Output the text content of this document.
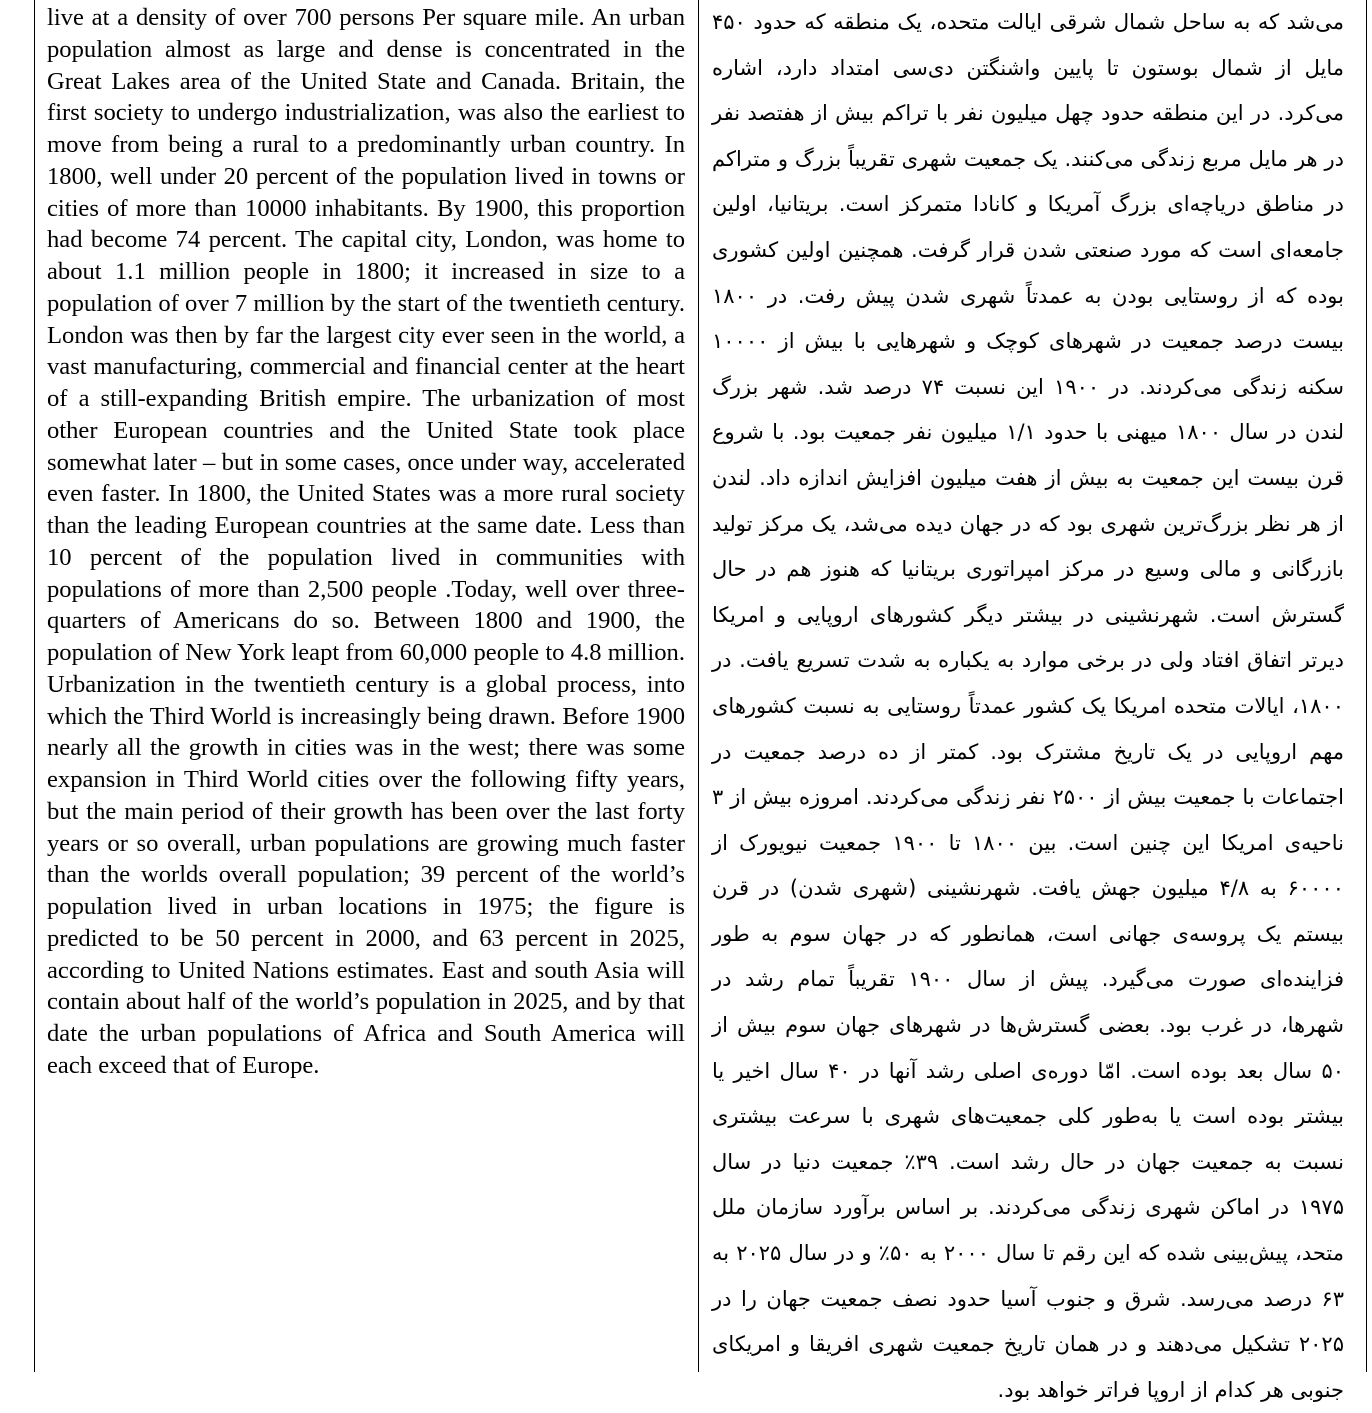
live at a density of over 700 persons Per square mile. An urban population almost as large and dense is concentrated in the Great Lakes area of the United State and Canada. Britain, the first society to undergo industrialization, was also the earliest to move from being a rural to a predominantly urban country. In 1800, well under 20 percent of the population lived in towns or cities of more than 10000 inhabitants. By 1900, this proportion had become 74 percent. The capital city, London, was home to about 1.1 million people in 1800; it increased in size to a population of over 7 million by the start of the twentieth century. London was then by far the largest city ever seen in the world, a vast manufacturing, commercial and financial center at the heart of a still-expanding British empire. The urbanization of most other European countries and the United State took place somewhat later – but in some cases, once under way, accelerated even faster. In 1800, the United States was a more rural society than the leading European countries at the same date. Less than 10 percent of the population lived in communities with populations of more than 2,500 people .Today, well over three-quarters of Americans do so. Between 1800 and 1900, the population of New York leapt from 60,000 people to 4.8 million. Urbanization in the twentieth century is a global process, into which the Third World is increasingly being drawn. Before 1900 nearly all the growth in cities was in the west; there was some expansion in Third World cities over the following fifty years, but the main period of their growth has been over the last forty years or so overall, urban populations are growing much faster than the worlds overall population; 39 percent of the world’s population lived in urban locations in 1975; the figure is predicted to be 50 percent in 2000, and 63 percent in 2025, according to United Nations estimates. East and south Asia will contain about half of the world’s population in 2025, and by that date the urban populations of Africa and South America will each exceed that of Europe.

می‌شد که به ساحل شمال شرقی ایالت متحده، یک منطقه که حدود ۴۵۰ مایل از شمال بوستون تا پایین واشنگتن دی‌سی امتداد دارد، اشاره می‌کرد. در این منطقه حدود چهل میلیون نفر با تراکم بیش از هفتصد نفر در هر مایل مربع زندگی می‌کنند. یک جمعیت شهری تقریباً بزرگ و متراکم در مناطق دریاچه‌ای بزرگ آمریکا و کانادا متمرکز است. بریتانیا، اولین جامعه‌ای است که مورد صنعتی شدن قرار گرفت. همچنین اولین کشوری بوده که از روستایی بودن به عمدتاً شهری شدن پیش رفت. در ۱۸۰۰ بیست درصد جمعیت در شهرهای کوچک و شهرهایی با بیش از ۱۰۰۰۰ سکنه زندگی می‌کردند. در ۱۹۰۰ این نسبت ۷۴ درصد شد. شهر بزرگ لندن در سال ۱۸۰۰ میهنی با حدود ۱/۱ میلیون نفر جمعیت بود. با شروع قرن بیست این جمعیت به بیش از هفت میلیون افزایش اندازه داد. لندن از هر نظر بزرگ‌ترین شهری بود که در جهان دیده می‌شد، یک مرکز تولید بازرگانی و مالی وسیع در مرکز امپراتوری بریتانیا که هنوز هم در حال گسترش است. شهرنشینی در بیشتر دیگر کشورهای اروپایی و امریکا دیرتر اتفاق افتاد ولی در برخی موارد به یکباره به شدت تسریع یافت. در ۱۸۰۰، ایالات متحده امریکا یک کشور عمدتاً روستایی به نسبت کشورهای مهم اروپایی در یک تاریخ مشترک بود. کمتر از ده درصد جمعیت در اجتماعات با جمعیت بیش از ۲۵۰۰ نفر زندگی می‌کردند. امروزه بیش از ۳ ناحیه‌ی امریکا این چنین است. بین ۱۸۰۰ تا ۱۹۰۰ جمعیت نیویورک از ۶۰۰۰۰ به ۴/۸ میلیون جهش یافت. شهرنشینی (شهری شدن) در قرن بیستم یک پروسه‌ی جهانی است، همانطور که در جهان سوم به طور فزاینده‌ای صورت می‌گیرد. پیش از سال ۱۹۰۰ تقریباً تمام رشد در شهرها، در غرب بود. بعضی گسترش‌ها در شهرهای جهان سوم بیش از ۵۰ سال بعد بوده است. امّا دوره‌ی اصلی رشد آنها در ۴۰ سال اخیر یا بیشتر بوده است یا به‌طور کلی جمعیت‌های شهری با سرعت بیشتری نسبت به جمعیت جهان در حال رشد است. ۳۹٪ جمعیت دنیا در سال ۱۹۷۵ در اماکن شهری زندگی می‌کردند. بر اساس برآورد سازمان ملل متحد، پیش‌بینی شده که این رقم تا سال ۲۰۰۰ به ۵۰٪ و در سال ۲۰۲۵ به ۶۳ درصد می‌رسد. شرق و جنوب آسیا حدود نصف جمعیت جهان را در ۲۰۲۵ تشکیل می‌دهند و در همان تاریخ جمعیت شهری افریقا و امریکای جنوبی هر کدام از اروپا فراتر خواهد بود.
